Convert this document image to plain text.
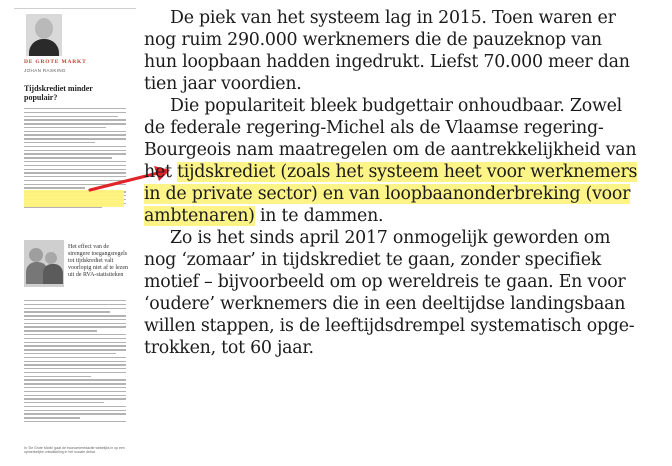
DE GROTE MARKT
JOHAN RASKING
Tijdskrediet minder populair?
Het effect van de strengere toegangsregels tot tijdskrediet valt voorlopig niet af te lezen uit de RVA-statistieken
In ‘De Grote Markt’ gaat de economieredactie wekelijks in op een opmerkelijke ontwikkeling in het sociale debat.
De piek van het systeem lag in 2015. Toen waren er
nog ruim 290.000 werknemers die de pauzeknop van
hun loopbaan hadden ingedrukt. Liefst 70.000 meer dan
tien jaar voordien.
Die populariteit bleek budgettair onhoudbaar. Zowel
de federale regering-Michel als de Vlaamse regering-
Bourgeois nam maatregelen om de aantrekkelijkheid van
het tijdskrediet (zoals het systeem heet voor werknemers
in de private sector) en van loopbaanonderbreking (voor
ambtenaren) in te dammen.
Zo is het sinds april 2017 onmogelijk geworden om
nog ‘zomaar’ in tijdskrediet te gaan, zonder specifiek
motief – bijvoorbeeld om op wereldreis te gaan. En voor
‘oudere’ werknemers die in een deeltijdse landingsbaan
willen stappen, is de leeftijdsdrempel systematisch opge-
trokken, tot 60 jaar.
